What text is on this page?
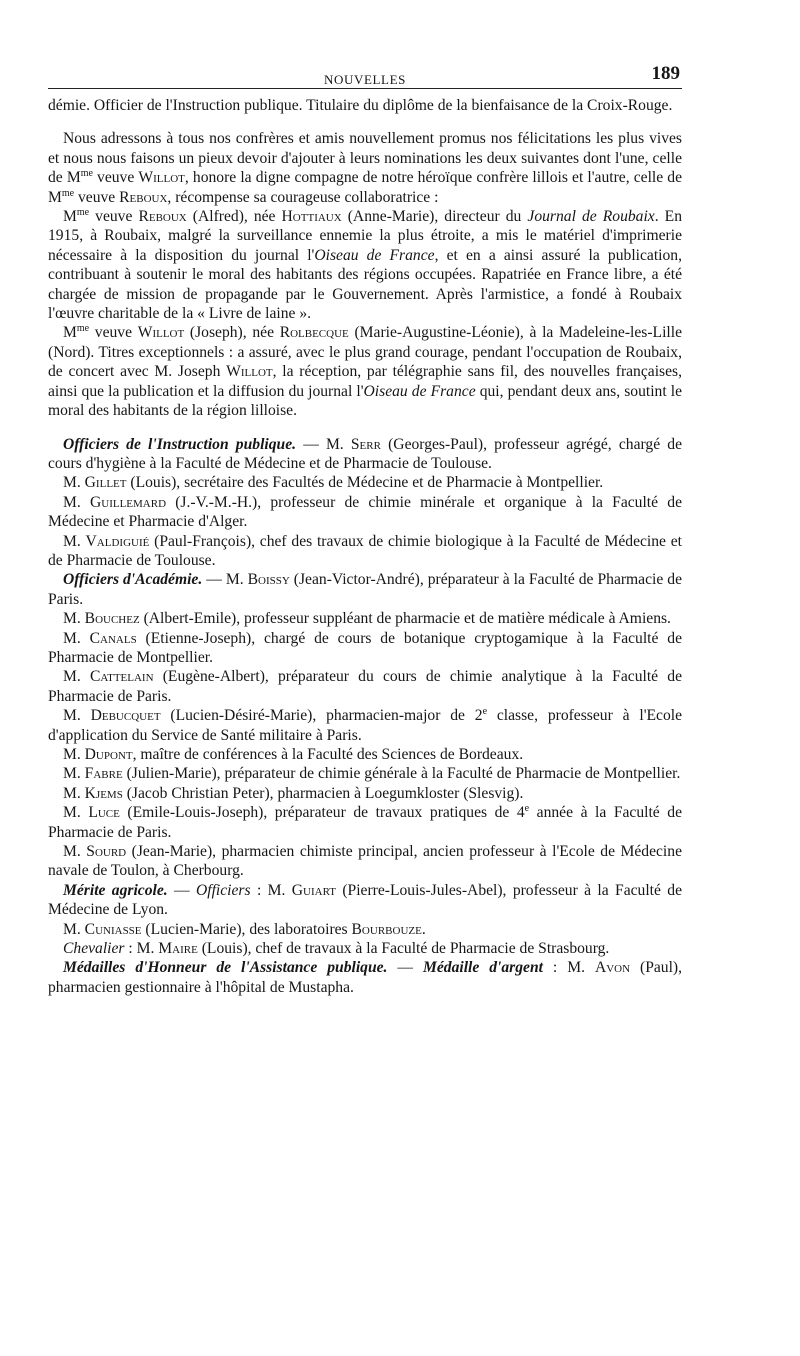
NOUVELLES	189

démie. Officier de l'Instruction publique. Titulaire du diplôme de la bienfaisance de la Croix-Rouge.

Nous adressons à tous nos confrères et amis nouvellement promus nos félicitations les plus vives et nous nous faisons un pieux devoir d'ajouter à leurs nominations les deux suivantes dont l'une, celle de $M^{me}$ veuve Willot, honore la digne compagne de notre héroïque confrère lillois et l'autre, celle de $M^{me}$ veuve Reboux, récompense sa courageuse collaboratrice :

$M^{me}$ veuve Reboux (Alfred), née Hottiaux (Anne-Marie), directeur du Journal de Roubaix. En 1915, à Roubaix, malgré la surveillance ennemie la plus étroite, a mis le matériel d'imprimerie nécessaire à la disposition du journal l'Oiseau de France, et en a ainsi assuré la publication, contribuant à soutenir le moral des habitants des régions occupées. Rapatriée en France libre, a été chargée de mission de propagande par le Gouvernement. Après l'armistice, a fondé à Roubaix l'œuvre charitable de la « Livre de laine ».

$M^{me}$ veuve Willot (Joseph), née Rolbecque (Marie-Augustine-Léonie), à la Madeleine-les-Lille (Nord). Titres exceptionnels : a assuré, avec le plus grand courage, pendant l'occupation de Roubaix, de concert avec M. Joseph Willot, la réception, par télégraphie sans fil, des nouvelles françaises, ainsi que la publication et la diffusion du journal l'Oiseau de France qui, pendant deux ans, soutint le moral des habitants de la région lilloise.

Officiers de l'Instruction publique. — M. Serr (Georges-Paul), professeur agrégé, chargé de cours d'hygiène à la Faculté de Médecine et de Pharmacie de Toulouse.

M. Gillet (Louis), secrétaire des Facultés de Médecine et de Pharmacie à Montpellier.

M. Guillemard (J.-V.-M.-H.), professeur de chimie minérale et organique à la Faculté de Médecine et Pharmacie d'Alger.

M. Valdiguié (Paul-François), chef des travaux de chimie biologique à la Faculté de Médecine et de Pharmacie de Toulouse.

Officiers d'Académie. — M. Boissy (Jean-Victor-André), préparateur à la Faculté de Pharmacie de Paris.

M. Bouchez (Albert-Emile), professeur suppléant de pharmacie et de matière médicale à Amiens.

M. Canals (Etienne-Joseph), chargé de cours de botanique cryptogamique à la Faculté de Pharmacie de Montpellier.

M. Cattelain (Eugène-Albert), préparateur du cours de chimie analytique à la Faculté de Pharmacie de Paris.

M. Debucquet (Lucien-Désiré-Marie), pharmacien-major de 2e classe, professeur à l'Ecole d'application du Service de Santé militaire à Paris.

M. Dupont, maître de conférences à la Faculté des Sciences de Bordeaux.

M. Fabre (Julien-Marie), préparateur de chimie générale à la Faculté de Pharmacie de Montpellier.

M. Kjems (Jacob Christian Peter), pharmacien à Loegumkloster (Slesvig).

M. Luce (Emile-Louis-Joseph), préparateur de travaux pratiques de 4e année à la Faculté de Pharmacie de Paris.

M. Sourd (Jean-Marie), pharmacien chimiste principal, ancien professeur à l'Ecole de Médecine navale de Toulon, à Cherbourg.

Mérite agricole. — Officiers : M. Guiart (Pierre-Louis-Jules-Abel), professeur à la Faculté de Médecine de Lyon.

M. Cuniasse (Lucien-Marie), des laboratoires Bourbouze.

Chevalier : M. Maire (Louis), chef de travaux à la Faculté de Pharmacie de Strasbourg.

Médailles d'Honneur de l'Assistance publique. — Médaille d'argent : M. Avon (Paul), pharmacien gestionnaire à l'hôpital de Mustapha.
